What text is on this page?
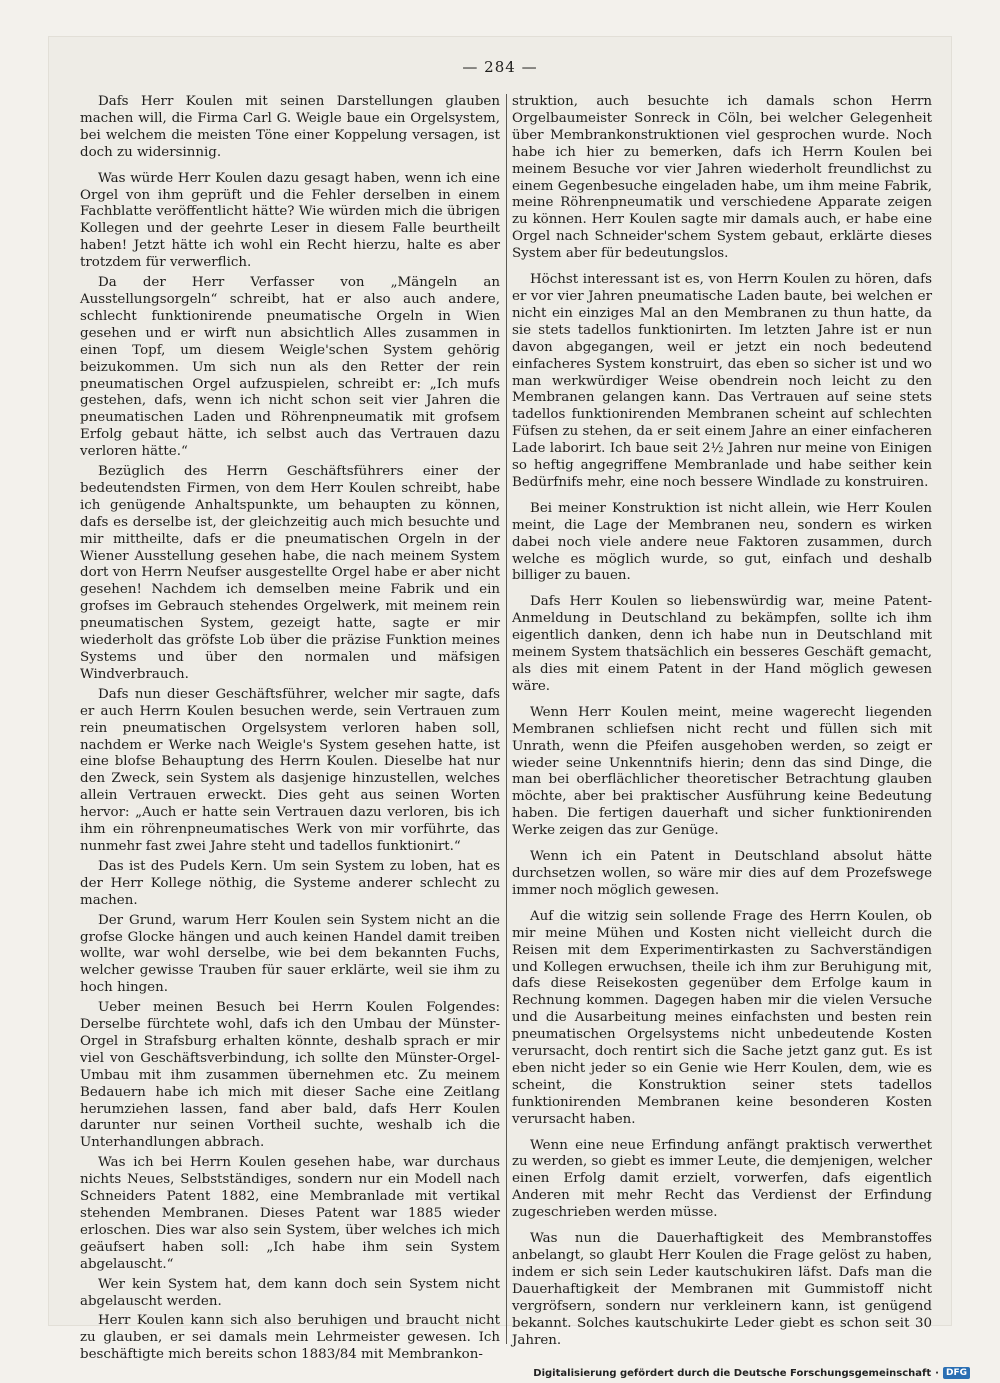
— 284 —

Dafs Herr Koulen mit seinen Darstellungen glauben machen will, die Firma Carl G. Weigle baue ein Orgelsystem, bei welchem die meisten Töne einer Koppelung versagen, ist doch zu widersinnig.

Was würde Herr Koulen dazu gesagt haben, wenn ich eine Orgel von ihm geprüft und die Fehler derselben in einem Fachblatte veröffentlicht hätte? Wie würden mich die übrigen Kollegen und der geehrte Leser in diesem Falle beurtheilt haben! Jetzt hätte ich wohl ein Recht hierzu, halte es aber trotzdem für verwerflich.

Da der Herr Verfasser von „Mängeln an Ausstellungsorgeln“ schreibt, hat er also auch andere, schlecht funktionirende pneumatische Orgeln in Wien gesehen und er wirft nun absichtlich Alles zusammen in einen Topf, um diesem Weigle'schen System gehörig beizukommen. Um sich nun als den Retter der rein pneumatischen Orgel aufzuspielen, schreibt er: „Ich mufs gestehen, dafs, wenn ich nicht schon seit vier Jahren die pneumatischen Laden und Röhrenpneumatik mit grofsem Erfolg gebaut hätte, ich selbst auch das Vertrauen dazu verloren hätte.“

Bezüglich des Herrn Geschäftsführers einer der bedeutendsten Firmen, von dem Herr Koulen schreibt, habe ich genügende Anhaltspunkte, um behaupten zu können, dafs es derselbe ist, der gleichzeitig auch mich besuchte und mir mittheilte, dafs er die pneumatischen Orgeln in der Wiener Ausstellung gesehen habe, die nach meinem System dort von Herrn Neufser ausgestellte Orgel habe er aber nicht gesehen! Nachdem ich demselben meine Fabrik und ein grofses im Gebrauch stehendes Orgelwerk, mit meinem rein pneumatischen System, gezeigt hatte, sagte er mir wiederholt das gröfste Lob über die präzise Funktion meines Systems und über den normalen und mäfsigen Windverbrauch.

Dafs nun dieser Geschäftsführer, welcher mir sagte, dafs er auch Herrn Koulen besuchen werde, sein Vertrauen zum rein pneumatischen Orgelsystem verloren haben soll, nachdem er Werke nach Weigle's System gesehen hatte, ist eine blofse Behauptung des Herrn Koulen. Dieselbe hat nur den Zweck, sein System als dasjenige hinzustellen, welches allein Vertrauen erweckt. Dies geht aus seinen Worten hervor: „Auch er hatte sein Vertrauen dazu verloren, bis ich ihm ein röhrenpneumatisches Werk von mir vorführte, das nunmehr fast zwei Jahre steht und tadellos funktionirt.“

Das ist des Pudels Kern. Um sein System zu loben, hat es der Herr Kollege nöthig, die Systeme anderer schlecht zu machen.

Der Grund, warum Herr Koulen sein System nicht an die grofse Glocke hängen und auch keinen Handel damit treiben wollte, war wohl derselbe, wie bei dem bekannten Fuchs, welcher gewisse Trauben für sauer erklärte, weil sie ihm zu hoch hingen.

Ueber meinen Besuch bei Herrn Koulen Folgendes: Derselbe fürchtete wohl, dafs ich den Umbau der Münster-Orgel in Strafsburg erhalten könnte, deshalb sprach er mir viel von Geschäftsverbindung, ich sollte den Münster-Orgel-Umbau mit ihm zusammen übernehmen etc. Zu meinem Bedauern habe ich mich mit dieser Sache eine Zeitlang herumziehen lassen, fand aber bald, dafs Herr Koulen darunter nur seinen Vortheil suchte, weshalb ich die Unterhandlungen abbrach.

Was ich bei Herrn Koulen gesehen habe, war durchaus nichts Neues, Selbstständiges, sondern nur ein Modell nach Schneiders Patent 1882, eine Membranlade mit vertikal stehenden Membranen. Dieses Patent war 1885 wieder erloschen. Dies war also sein System, über welches ich mich geäufsert haben soll: „Ich habe ihm sein System abgelauscht.“

Wer kein System hat, dem kann doch sein System nicht abgelauscht werden.

Herr Koulen kann sich also beruhigen und braucht nicht zu glauben, er sei damals mein Lehrmeister gewesen. Ich beschäftigte mich bereits schon 1883/84 mit Membrankon-

struktion, auch besuchte ich damals schon Herrn Orgelbaumeister Sonreck in Cöln, bei welcher Gelegenheit über Membrankonstruktionen viel gesprochen wurde. Noch habe ich hier zu bemerken, dafs ich Herrn Koulen bei meinem Besuche vor vier Jahren wiederholt freundlichst zu einem Gegenbesuche eingeladen habe, um ihm meine Fabrik, meine Röhrenpneumatik und verschiedene Apparate zeigen zu können. Herr Koulen sagte mir damals auch, er habe eine Orgel nach Schneider'schem System gebaut, erklärte dieses System aber für bedeutungslos.

Höchst interessant ist es, von Herrn Koulen zu hören, dafs er vor vier Jahren pneumatische Laden baute, bei welchen er nicht ein einziges Mal an den Membranen zu thun hatte, da sie stets tadellos funktionirten. Im letzten Jahre ist er nun davon abgegangen, weil er jetzt ein noch bedeutend einfacheres System konstruirt, das eben so sicher ist und wo man werkwürdiger Weise obendrein noch leicht zu den Membranen gelangen kann. Das Vertrauen auf seine stets tadellos funktionirenden Membranen scheint auf schlechten Füfsen zu stehen, da er seit einem Jahre an einer einfacheren Lade laborirt. Ich baue seit 2½ Jahren nur meine von Einigen so heftig angegriffene Membranlade und habe seither kein Bedürfnifs mehr, eine noch bessere Windlade zu konstruiren.

Bei meiner Konstruktion ist nicht allein, wie Herr Koulen meint, die Lage der Membranen neu, sondern es wirken dabei noch viele andere neue Faktoren zusammen, durch welche es möglich wurde, so gut, einfach und deshalb billiger zu bauen.

Dafs Herr Koulen so liebenswürdig war, meine Patent-Anmeldung in Deutschland zu bekämpfen, sollte ich ihm eigentlich danken, denn ich habe nun in Deutschland mit meinem System thatsächlich ein besseres Geschäft gemacht, als dies mit einem Patent in der Hand möglich gewesen wäre.

Wenn Herr Koulen meint, meine wagerecht liegenden Membranen schliefsen nicht recht und füllen sich mit Unrath, wenn die Pfeifen ausgehoben werden, so zeigt er wieder seine Unkenntnifs hierin; denn das sind Dinge, die man bei oberflächlicher theoretischer Betrachtung glauben möchte, aber bei praktischer Ausführung keine Bedeutung haben. Die fertigen dauerhaft und sicher funktionirenden Werke zeigen das zur Genüge.

Wenn ich ein Patent in Deutschland absolut hätte durchsetzen wollen, so wäre mir dies auf dem Prozefswege immer noch möglich gewesen.

Auf die witzig sein sollende Frage des Herrn Koulen, ob mir meine Mühen und Kosten nicht vielleicht durch die Reisen mit dem Experimentirkasten zu Sachverständigen und Kollegen erwuchsen, theile ich ihm zur Beruhigung mit, dafs diese Reisekosten gegenüber dem Erfolge kaum in Rechnung kommen. Dagegen haben mir die vielen Versuche und die Ausarbeitung meines einfachsten und besten rein pneumatischen Orgelsystems nicht unbedeutende Kosten verursacht, doch rentirt sich die Sache jetzt ganz gut. Es ist eben nicht jeder so ein Genie wie Herr Koulen, dem, wie es scheint, die Konstruktion seiner stets tadellos funktionirenden Membranen keine besonderen Kosten verursacht haben.

Wenn eine neue Erfindung anfängt praktisch verwerthet zu werden, so giebt es immer Leute, die demjenigen, welcher einen Erfolg damit erzielt, vorwerfen, dafs eigentlich Anderen mit mehr Recht das Verdienst der Erfindung zugeschrieben werden müsse.

Was nun die Dauerhaftigkeit des Membranstoffes anbelangt, so glaubt Herr Koulen die Frage gelöst zu haben, indem er sich sein Leder kautschukiren läfst. Dafs man die Dauerhaftigkeit der Membranen mit Gummistoff nicht vergröfsern, sondern nur verkleinern kann, ist genügend bekannt. Solches kautschukirte Leder giebt es schon seit 30 Jahren.

Digitalisierung gefördert durch die Deutsche Forschungsgemeinschaft · DFG
